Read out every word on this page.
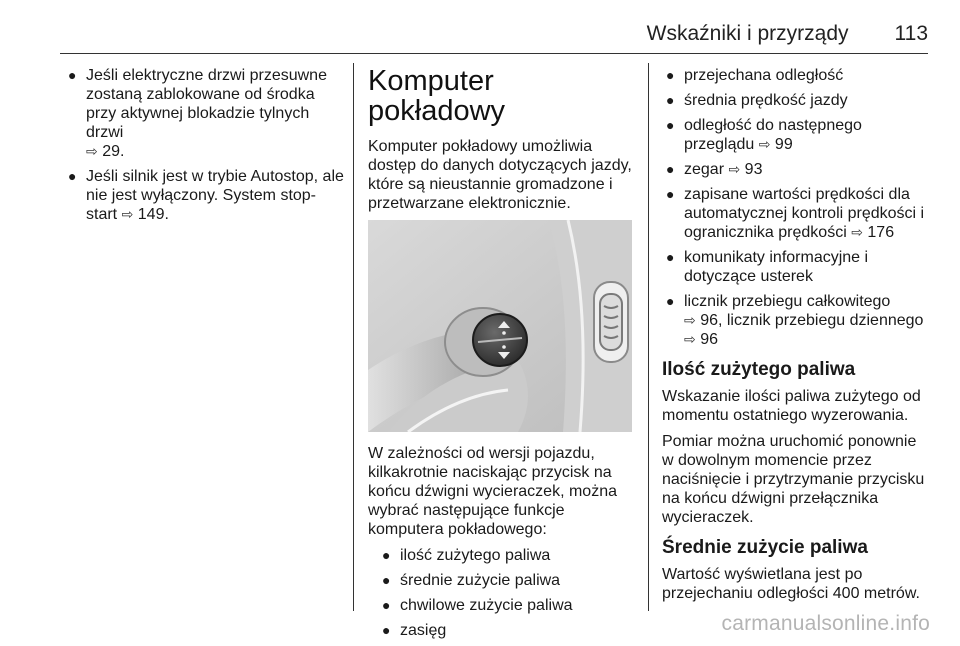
Wskaźniki i przyrządy 113
● Jeśli elektryczne drzwi przesuwne zostaną zablokowane od środka przy aktywnej blokadzie tylnych drzwi
⇨ 29.
● Jeśli silnik jest w trybie Autostop, ale nie jest wyłączony. System stop-start ⇨ 149.
Komputer pokładowy

Komputer pokładowy umożliwia dostęp do danych dotyczących jazdy, które są nieustannie gromadzone i przetwarzane elektronicznie.

W zależności od wersji pojazdu, kilkakrotnie naciskając przycisk na końcu dźwigni wycieraczek, można wybrać następujące funkcje komputera pokładowego:

● ilość zużytego paliwa
● średnie zużycie paliwa
● chwilowe zużycie paliwa
● zasięg
● przejechana odległość
● średnia prędkość jazdy
● odległość do następnego przeglądu ⇨ 99
● zegar ⇨ 93
● zapisane wartości prędkości dla automatycznej kontroli prędkości i ogranicznika prędkości ⇨ 176
● komunikaty informacyjne i dotyczące usterek
● licznik przebiegu całkowitego
⇨ 96, licznik przebiegu dziennego ⇨ 96
Ilość zużytego paliwa

Wskazanie ilości paliwa zużytego od momentu ostatniego wyzerowania.

Pomiar można uruchomić ponownie w dowolnym momencie przez naciśnięcie i przytrzymanie przycisku na końcu dźwigni przełącznika wycieraczek.

Średnie zużycie paliwa

Wartość wyświetlana jest po przejechaniu odległości 400 metrów.

carmanualsonline.info
